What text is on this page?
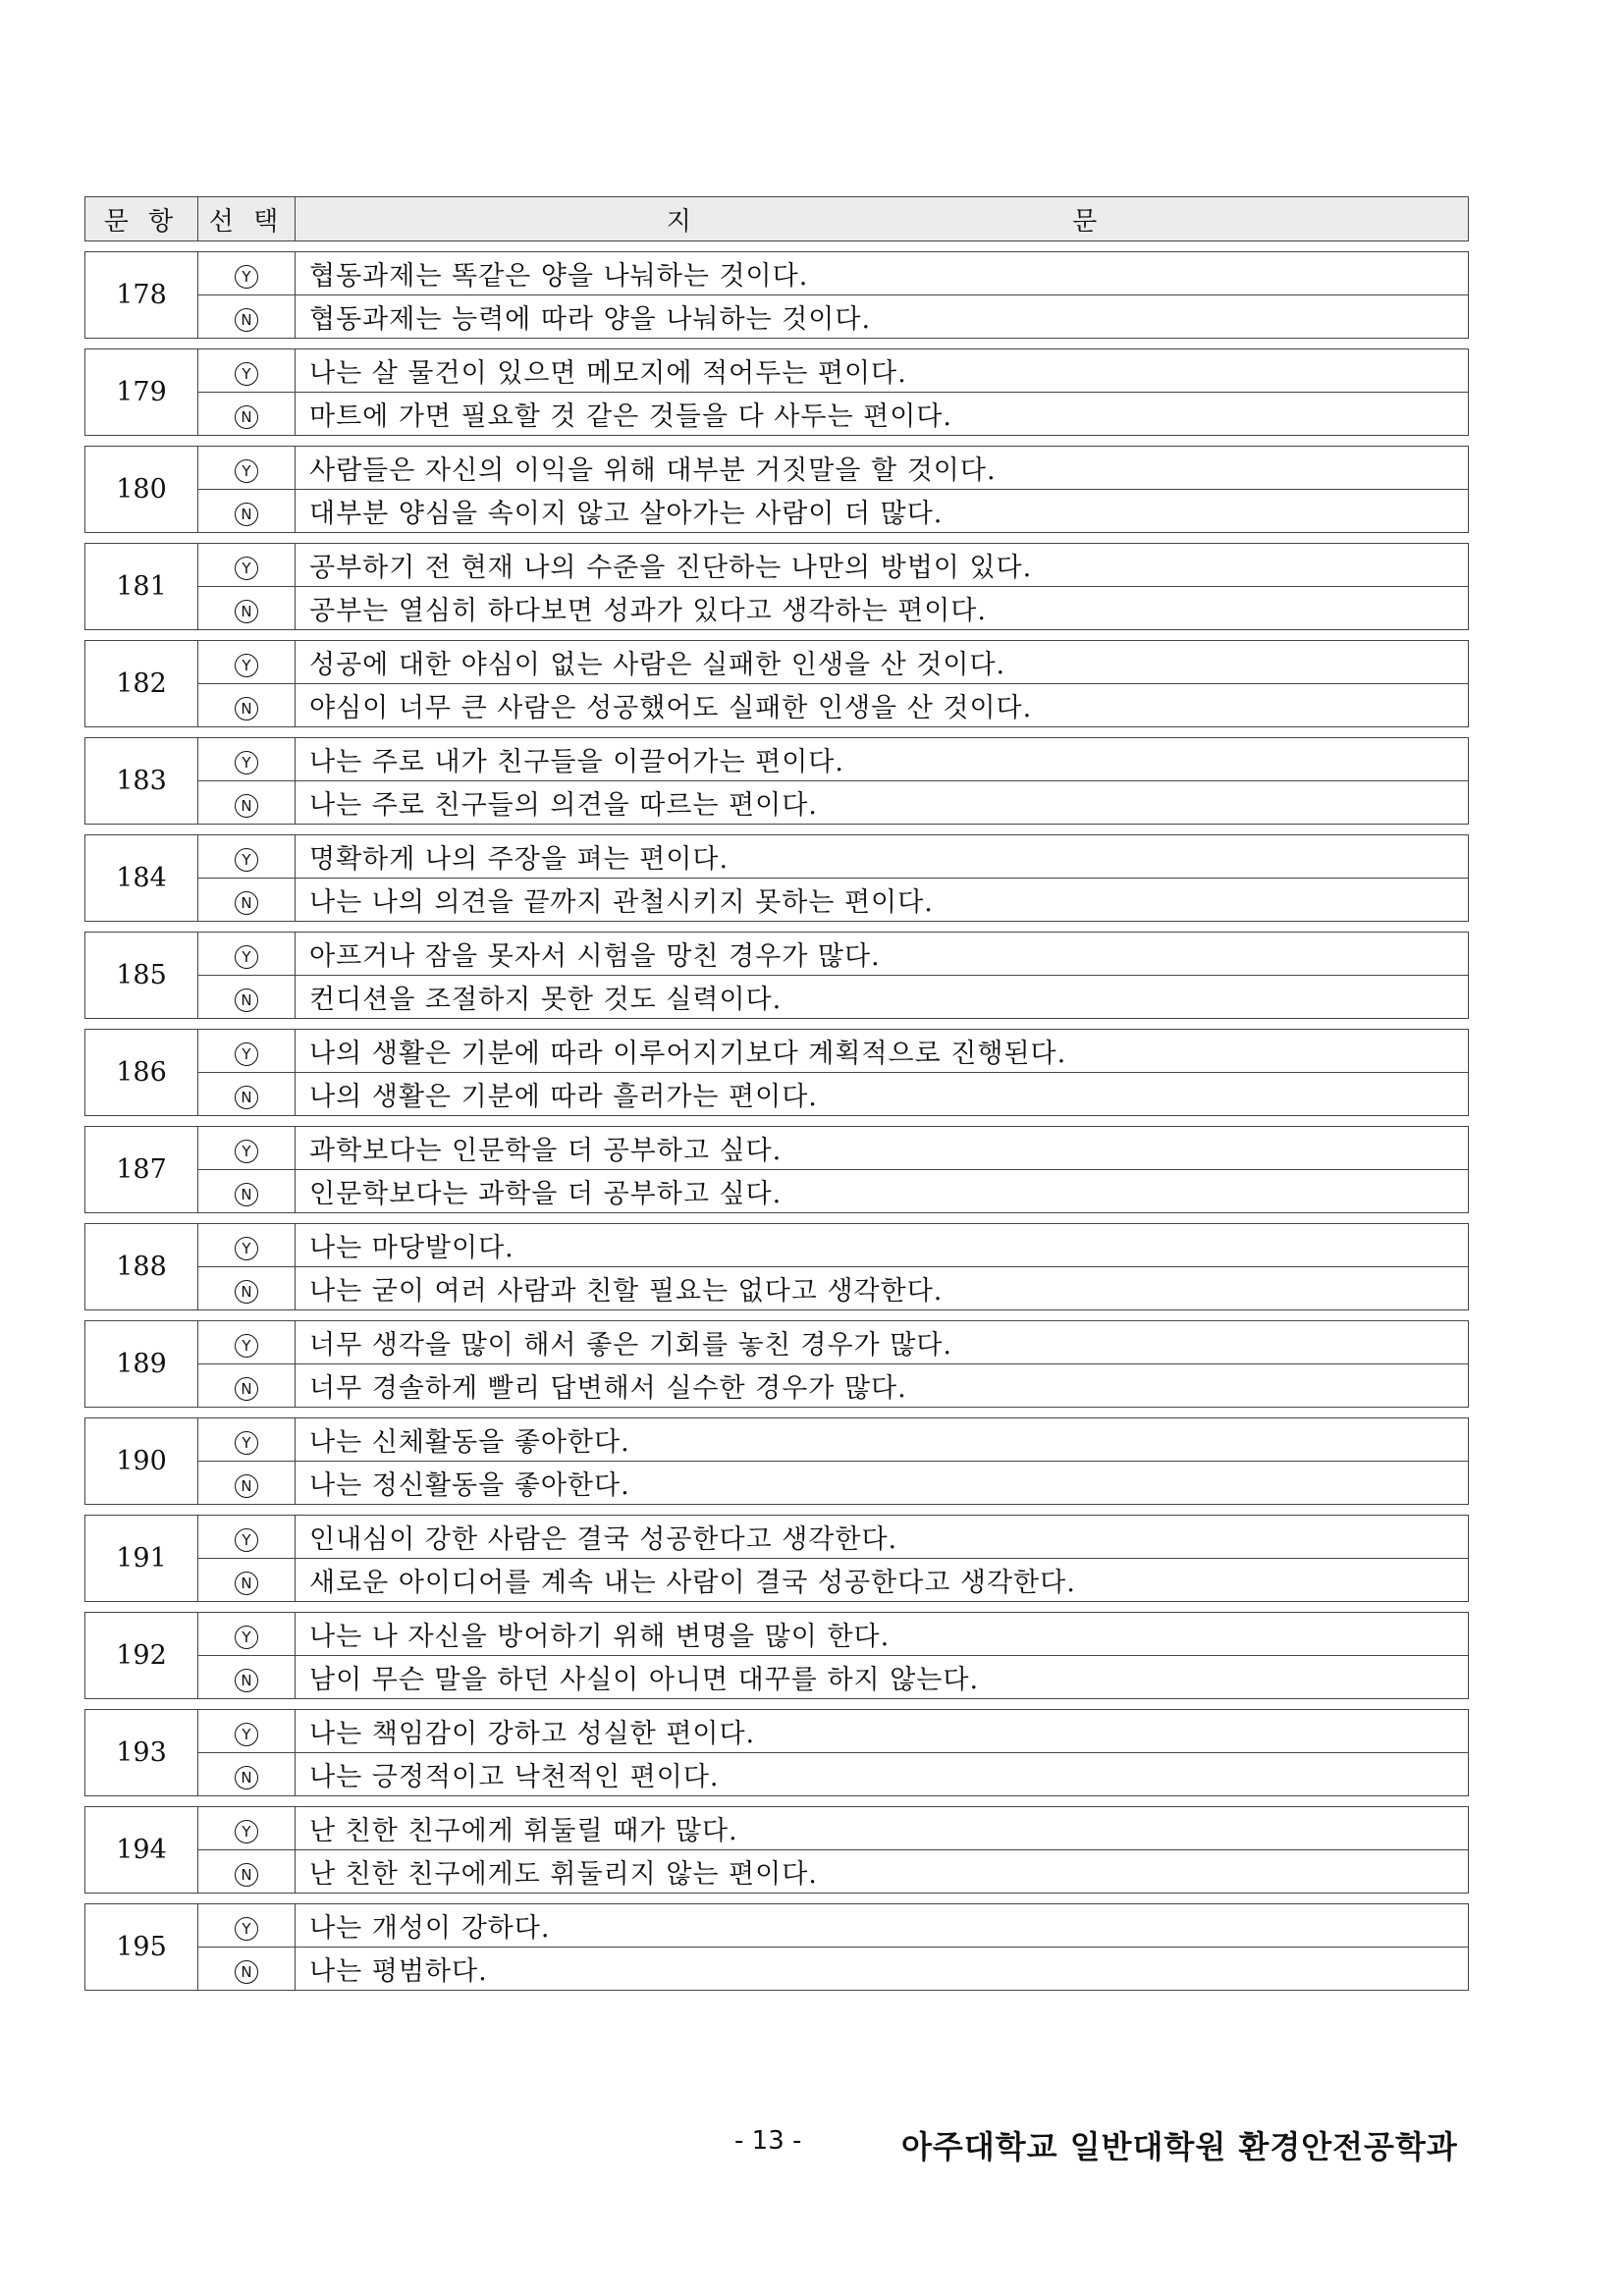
문 항	선 택	지 문
178	Y	협동과제는 똑같은 양을 나눠하는 것이다.
	N	협동과제는 능력에 따라 양을 나눠하는 것이다.
179	Y	나는 살 물건이 있으면 메모지에 적어두는 편이다.
	N	마트에 가면 필요할 것 같은 것들을 다 사두는 편이다.
180	Y	사람들은 자신의 이익을 위해 대부분 거짓말을 할 것이다.
	N	대부분 양심을 속이지 않고 살아가는 사람이 더 많다.
181	Y	공부하기 전 현재 나의 수준을 진단하는 나만의 방법이 있다.
	N	공부는 열심히 하다보면 성과가 있다고 생각하는 편이다.
182	Y	성공에 대한 야심이 없는 사람은 실패한 인생을 산 것이다.
	N	야심이 너무 큰 사람은 성공했어도 실패한 인생을 산 것이다.
183	Y	나는 주로 내가 친구들을 이끌어가는 편이다.
	N	나는 주로 친구들의 의견을 따르는 편이다.
184	Y	명확하게 나의 주장을 펴는 편이다.
	N	나는 나의 의견을 끝까지 관철시키지 못하는 편이다.
185	Y	아프거나 잠을 못자서 시험을 망친 경우가 많다.
	N	컨디션을 조절하지 못한 것도 실력이다.
186	Y	나의 생활은 기분에 따라 이루어지기보다 계획적으로 진행된다.
	N	나의 생활은 기분에 따라 흘러가는 편이다.
187	Y	과학보다는 인문학을 더 공부하고 싶다.
	N	인문학보다는 과학을 더 공부하고 싶다.
188	Y	나는 마당발이다.
	N	나는 굳이 여러 사람과 친할 필요는 없다고 생각한다.
189	Y	너무 생각을 많이 해서 좋은 기회를 놓친 경우가 많다.
	N	너무 경솔하게 빨리 답변해서 실수한 경우가 많다.
190	Y	나는 신체활동을 좋아한다.
	N	나는 정신활동을 좋아한다.
191	Y	인내심이 강한 사람은 결국 성공한다고 생각한다.
	N	새로운 아이디어를 계속 내는 사람이 결국 성공한다고 생각한다.
192	Y	나는 나 자신을 방어하기 위해 변명을 많이 한다.
	N	남이 무슨 말을 하던 사실이 아니면 대꾸를 하지 않는다.
193	Y	나는 책임감이 강하고 성실한 편이다.
	N	나는 긍정적이고 낙천적인 편이다.
194	Y	난 친한 친구에게 휘둘릴 때가 많다.
	N	난 친한 친구에게도 휘둘리지 않는 편이다.
195	Y	나는 개성이 강하다.
	N	나는 평범하다.
- 13 -	아주대학교 일반대학원 환경안전공학과
